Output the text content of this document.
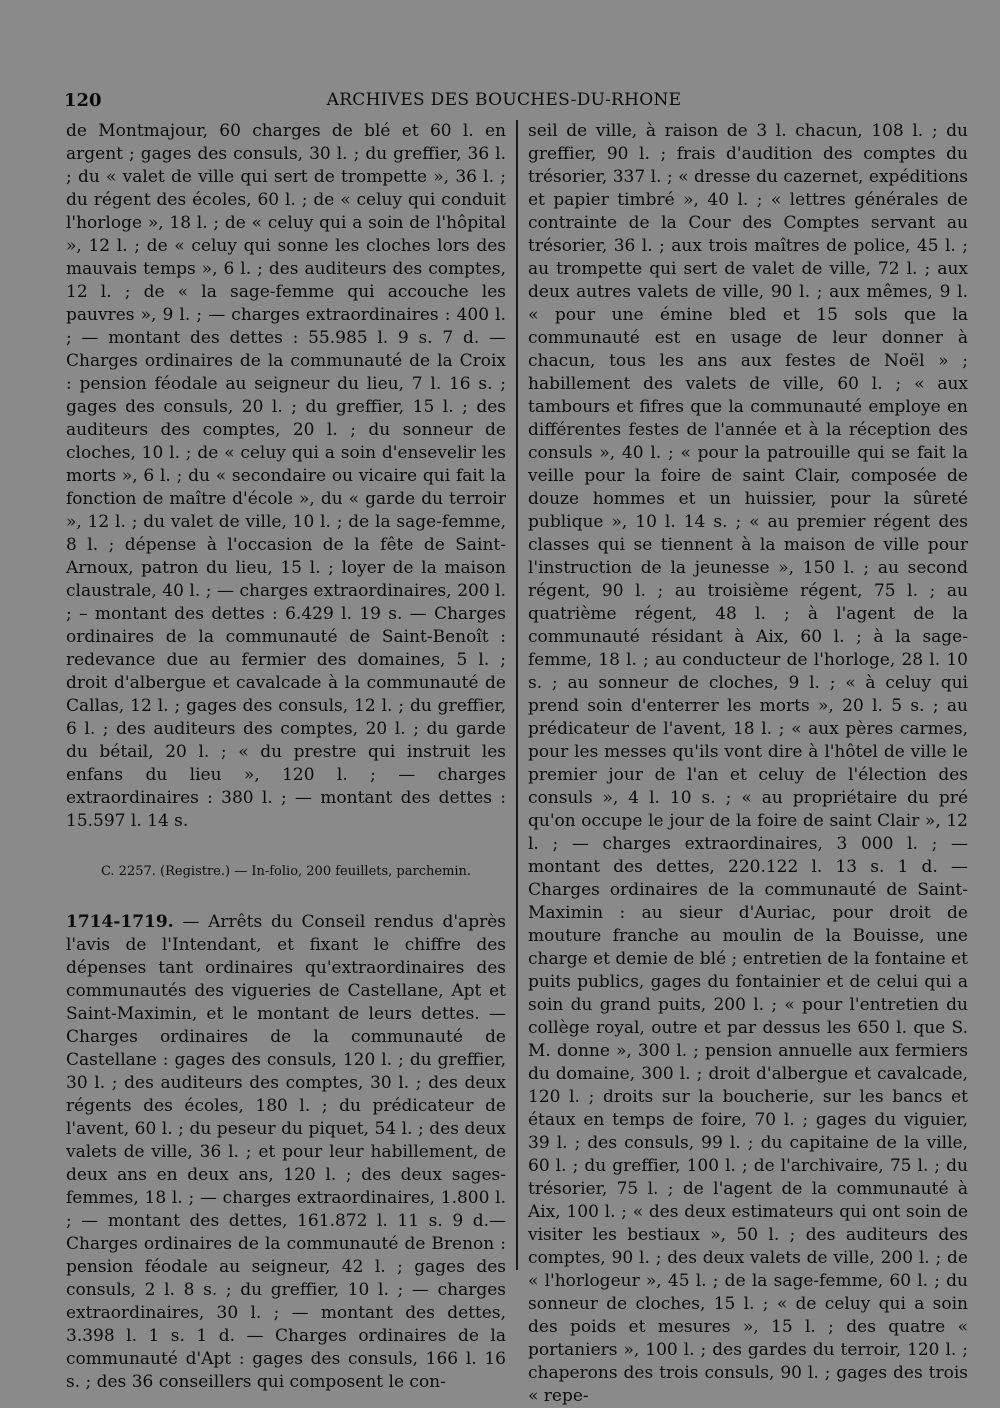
120	ARCHIVES DES BOUCHES-DU-RHONE

de Montmajour, 60 charges de blé et 60 l. en argent ; gages des consuls, 30 l. ; du greffier, 36 l. ; du « valet de ville qui sert de trompette », 36 l. ; du régent des écoles, 60 l. ; de « celuy qui conduit l'horloge », 18 l. ; de « celuy qui a soin de l'hôpital », 12 l. ; de « celuy qui sonne les cloches lors des mauvais temps », 6 l. ; des auditeurs des comptes, 12 l. ; de « la sage-femme qui accouche les pauvres », 9 l. ; — charges extraordinaires : 400 l. ; — montant des dettes : 55.985 l. 9 s. 7 d. — Charges ordinaires de la communauté de la Croix : pension féodale au seigneur du lieu, 7 l. 16 s. ; gages des consuls, 20 l. ; du greffier, 15 l. ; des auditeurs des comptes, 20 l. ; du sonneur de cloches, 10 l. ; de « celuy qui a soin d'ensevelir les morts », 6 l. ; du « secondaire ou vicaire qui fait la fonction de maître d'école », du « garde du terroir », 12 l. ; du valet de ville, 10 l. ; de la sage-femme, 8 l. ; dépense à l'occasion de la fête de Saint-Arnoux, patron du lieu, 15 l. ; loyer de la maison claustrale, 40 l. ; — charges extraordinaires, 200 l. ; – montant des dettes : 6.429 l. 19 s. — Charges ordinaires de la communauté de Saint-Benoît : redevance due au fermier des domaines, 5 l. ; droit d'albergue et cavalcade à la communauté de Callas, 12 l. ; gages des consuls, 12 l. ; du greffier, 6 l. ; des auditeurs des comptes, 20 l. ; du garde du bétail, 20 l. ; « du prestre qui instruit les enfans du lieu », 120 l. ; — charges extraordinaires : 380 l. ; — montant des dettes : 15.597 l. 14 s.

C. 2257. (Registre.) — In-folio, 200 feuillets, parchemin.

1714-1719. — Arrêts du Conseil rendus d'après l'avis de l'Intendant, et fixant le chiffre des dépenses tant ordinaires qu'extraordinaires des communautés des vigueries de Castellane, Apt et Saint-Maximin, et le montant de leurs dettes. — Charges ordinaires de la communauté de Castellane : gages des consuls, 120 l. ; du greffier, 30 l. ; des auditeurs des comptes, 30 l. ; des deux régents des écoles, 180 l. ; du prédicateur de l'avent, 60 l. ; du peseur du piquet, 54 l. ; des deux valets de ville, 36 l. ; et pour leur habillement, de deux ans en deux ans, 120 l. ; des deux sages-femmes, 18 l. ; — charges extraordinaires, 1.800 l. ; — montant des dettes, 161.872 l. 11 s. 9 d.— Charges ordinaires de la communauté de Brenon : pension féodale au seigneur, 42 l. ; gages des consuls, 2 l. 8 s. ; du greffier, 10 l. ; — charges extraordinaires, 30 l. ; — montant des dettes, 3.398 l. 1 s. 1 d. — Charges ordinaires de la communauté d'Apt : gages des consuls, 166 l. 16 s. ; des 36 conseillers qui composent le con-

seil de ville, à raison de 3 l. chacun, 108 l. ; du greffier, 90 l. ; frais d'audition des comptes du trésorier, 337 l. ; « dresse du cazernet, expéditions et papier timbré », 40 l. ; « lettres générales de contrainte de la Cour des Comptes servant au trésorier, 36 l. ; aux trois maîtres de police, 45 l. ; au trompette qui sert de valet de ville, 72 l. ; aux deux autres valets de ville, 90 l. ; aux mêmes, 9 l. « pour une émine bled et 15 sols que la communauté est en usage de leur donner à chacun, tous les ans aux festes de Noël » ; habillement des valets de ville, 60 l. ; « aux tambours et fifres que la communauté employe en différentes festes de l'année et à la réception des consuls », 40 l. ; « pour la patrouille qui se fait la veille pour la foire de saint Clair, composée de douze hommes et un huissier, pour la sûreté publique », 10 l. 14 s. ; « au premier régent des classes qui se tiennent à la maison de ville pour l'instruction de la jeunesse », 150 l. ; au second régent, 90 l. ; au troisième régent, 75 l. ; au quatrième régent, 48 l. ; à l'agent de la communauté résidant à Aix, 60 l. ; à la sage-femme, 18 l. ; au conducteur de l'horloge, 28 l. 10 s. ; au sonneur de cloches, 9 l. ; « à celuy qui prend soin d'enterrer les morts », 20 l. 5 s. ; au prédicateur de l'avent, 18 l. ; « aux pères carmes, pour les messes qu'ils vont dire à l'hôtel de ville le premier jour de l'an et celuy de l'élection des consuls », 4 l. 10 s. ; « au propriétaire du pré qu'on occupe le jour de la foire de saint Clair », 12 l. ; — charges extraordinaires, 3 000 l. ; — montant des dettes, 220.122 l. 13 s. 1 d. — Charges ordinaires de la communauté de Saint-Maximin : au sieur d'Auriac, pour droit de mouture franche au moulin de la Bouisse, une charge et demie de blé ; entretien de la fontaine et puits publics, gages du fontainier et de celui qui a soin du grand puits, 200 l. ; « pour l'entretien du collège royal, outre et par dessus les 650 l. que S. M. donne », 300 l. ; pension annuelle aux fermiers du domaine, 300 l. ; droit d'albergue et cavalcade, 120 l. ; droits sur la boucherie, sur les bancs et étaux en temps de foire, 70 l. ; gages du viguier, 39 l. ; des consuls, 99 l. ; du capitaine de la ville, 60 l. ; du greffier, 100 l. ; de l'archivaire, 75 l. ; du trésorier, 75 l. ; de l'agent de la communauté à Aix, 100 l. ; « des deux estimateurs qui ont soin de visiter les bestiaux », 50 l. ; des auditeurs des comptes, 90 l. ; des deux valets de ville, 200 l. ; de « l'horlogeur », 45 l. ; de la sage-femme, 60 l. ; du sonneur de cloches, 15 l. ; « de celuy qui a soin des poids et mesures », 15 l. ; des quatre « portaniers », 100 l. ; des gardes du terroir, 120 l. ; chaperons des trois consuls, 90 l. ; gages des trois « repe-
